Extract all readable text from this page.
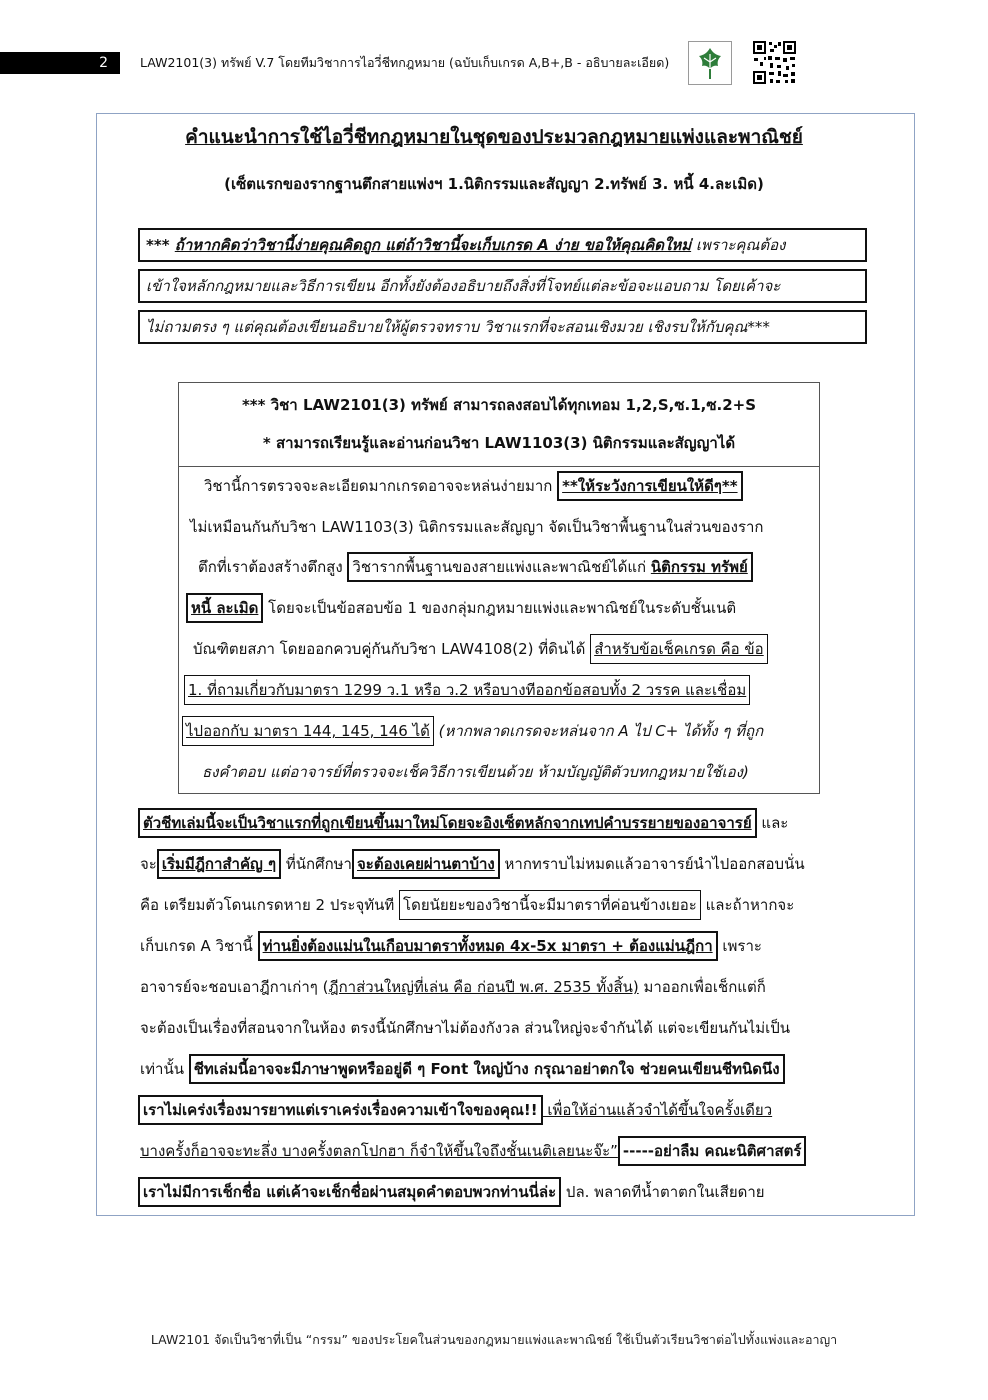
2	LAW2101(3) ทรัพย์ V.7 โดยทีมวิชาการไอวี่ชีทกฎหมาย (ฉบับเก็บเกรด A,B+,B - อธิบายละเอียด)
คำแนะนำการใช้ไอวี่ชีทกฎหมายในชุดของประมวลกฎหมายแพ่งและพาณิชย์
(เซ็ตแรกของรากฐานตึกสายแพ่งฯ 1.นิติกรรมและสัญญา 2.ทรัพย์ 3. หนี้ 4.ละเมิด)
*** ถ้าหากคิดว่าวิชานี้ง่ายคุณคิดถูก แต่ถ้าวิชานี้จะเก็บเกรด A ง่าย ขอให้คุณคิดใหม่ เพราะคุณต้อง
เข้าใจหลักกฎหมายและวิธีการเขียน อีกทั้งยังต้องอธิบายถึงสิ่งที่โจทย์แต่ละข้อจะแอบถาม โดยเค้าจะ
ไม่ถามตรง ๆ แต่คุณต้องเขียนอธิบายให้ผู้ตรวจทราบ วิชาแรกที่จะสอนเชิงมวย เชิงรบให้กับคุณ***
*** วิชา LAW2101(3) ทรัพย์ สามารถลงสอบได้ทุกเทอม 1,2,S,ซ.1,ซ.2+S
* สามารถเรียนรู้และอ่านก่อนวิชา LAW1103(3) นิติกรรมและสัญญาได้
วิชานี้การตรวจจะละเอียดมากเกรดอาจจะหล่นง่ายมาก **ให้ระวังการเขียนให้ดีๆ**
ไม่เหมือนกันกับวิชา LAW1103(3) นิติกรรมและสัญญา จัดเป็นวิชาพื้นฐานในส่วนของราก
ตึกที่เราต้องสร้างตึกสูง วิชารากพื้นฐานของสายแพ่งและพาณิชย์ได้แก่ นิติกรรม ทรัพย์
หนี้ ละเมิด โดยจะเป็นข้อสอบข้อ 1 ของกลุ่มกฎหมายแพ่งและพาณิชย์ในระดับชั้นเนติ
บัณฑิตยสภา โดยออกควบคู่กันกับวิชา LAW4108(2) ที่ดินได้ สำหรับข้อเช็คเกรด คือ ข้อ
1. ที่ถามเกี่ยวกับมาตรา 1299 ว.1 หรือ ว.2 หรือบางทีออกข้อสอบทั้ง 2 วรรค และเชื่อม
ไปออกกับ มาตรา 144, 145, 146 ได้ (หากพลาดเกรดจะหล่นจาก A ไป C+ ได้ทั้ง ๆ ที่ถูก
ธงคำตอบ แต่อาจารย์ที่ตรวจจะเช็ควิธีการเขียนด้วย ห้ามบัญญัติตัวบทกฎหมายใช้เอง)
ตัวชีทเล่มนี้จะเป็นวิชาแรกที่ถูกเขียนขึ้นมาใหม่โดยจะอิงเซ็ตหลักจากเทปคำบรรยายของอาจารย์ และ
จะ เริ่มมีฎีกาสำคัญ ๆ ที่นักศึกษา จะต้องเคยผ่านตาบ้าง หากทราบไม่หมดแล้วอาจารย์นำไปออกสอบนั่น
คือ เตรียมตัวโดนเกรดหาย 2 ประจุทันที โดยนัยยะของวิชานี้จะมีมาตราที่ค่อนข้างเยอะ และถ้าหากจะ
เก็บเกรด A วิชานี้ ท่านยิ่งต้องแม่นในเกือบมาตราทั้งหมด 4x-5x มาตรา + ต้องแม่นฎีกา เพราะ
อาจารย์จะชอบเอาฎีกาเก่าๆ (ฎีกาส่วนใหญ่ที่เล่น คือ ก่อนปี พ.ศ. 2535 ทั้งสิ้น) มาออกเพื่อเช็กแต่ก็
จะต้องเป็นเรื่องที่สอนจากในห้อง ตรงนี้นักศึกษาไม่ต้องกังวล ส่วนใหญ่จะจำกันได้ แต่จะเขียนกันไม่เป็น
เท่านั้น ชีทเล่มนี้อาจจะมีภาษาพูดหรืออยู่ดี ๆ Font ใหญ่บ้าง กรุณาอย่าตกใจ ช่วยคนเขียนชีทนิดนึง
เราไม่เคร่งเรื่องมารยาทแต่เราเคร่งเรื่องความเข้าใจของคุณ!! เพื่อให้อ่านแล้วจำได้ขึ้นใจครั้งเดียว
บางครั้งก็อาจจะทะลึ่ง บางครั้งตลกโปกฮา ก็จำให้ขึ้นใจถึงชั้นเนติเลยนะจ๊ะ”-----อย่าลืม คณะนิติศาสตร์
เราไม่มีการเช็กชื่อ แต่เค้าจะเช็กชื่อผ่านสมุดคำตอบพวกท่านนี่ล่ะ ปล. พลาดทีน้ำตาตกในเสียดาย
LAW2101 จัดเป็นวิชาที่เป็น “กรรม” ของประโยคในส่วนของกฎหมายแพ่งและพาณิชย์ ใช้เป็นตัวเรียนวิชาต่อไปทั้งแพ่งและอาญา
